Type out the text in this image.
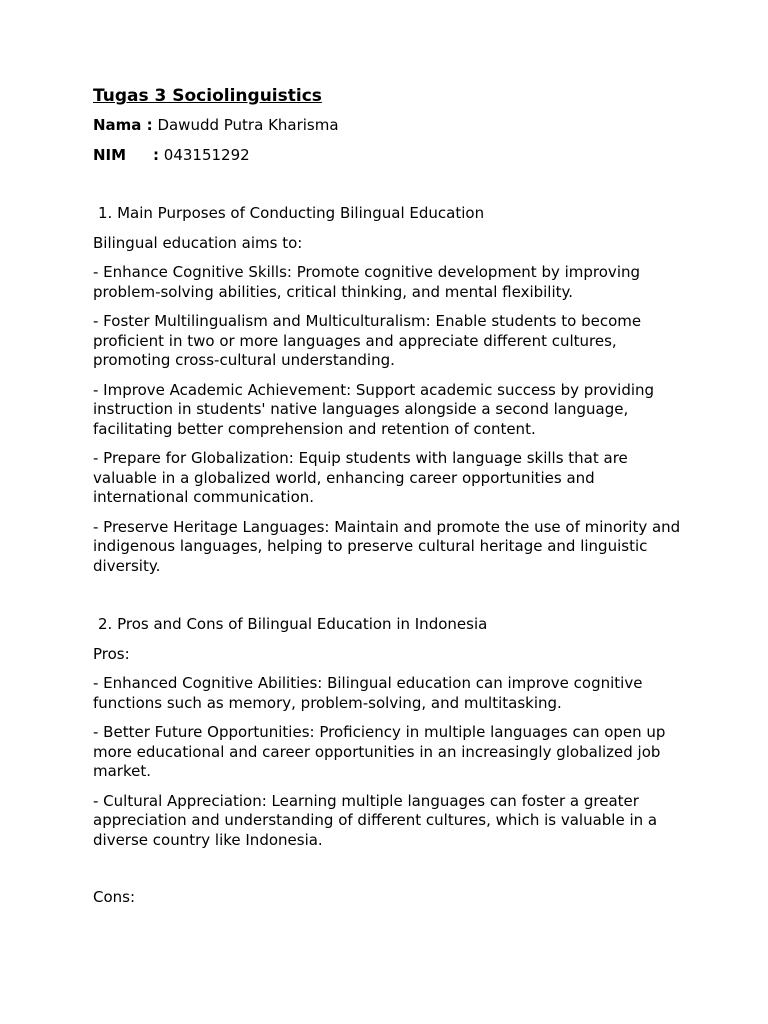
Tugas 3 Sociolinguistics
Nama : Dawudd Putra Kharisma
NIM : 043151292
1. Main Purposes of Conducting Bilingual Education

Bilingual education aims to:

- Enhance Cognitive Skills: Promote cognitive development by improving problem-solving abilities, critical thinking, and mental flexibility.

- Foster Multilingualism and Multiculturalism: Enable students to become proficient in two or more languages and appreciate different cultures, promoting cross-cultural understanding.

- Improve Academic Achievement: Support academic success by providing instruction in students' native languages alongside a second language, facilitating better comprehension and retention of content.

- Prepare for Globalization: Equip students with language skills that are valuable in a globalized world, enhancing career opportunities and international communication.

- Preserve Heritage Languages: Maintain and promote the use of minority and indigenous languages, helping to preserve cultural heritage and linguistic diversity.

2. Pros and Cons of Bilingual Education in Indonesia

Pros:

- Enhanced Cognitive Abilities: Bilingual education can improve cognitive functions such as memory, problem-solving, and multitasking.

- Better Future Opportunities: Proficiency in multiple languages can open up more educational and career opportunities in an increasingly globalized job market.

- Cultural Appreciation: Learning multiple languages can foster a greater appreciation and understanding of different cultures, which is valuable in a diverse country like Indonesia.

Cons:
